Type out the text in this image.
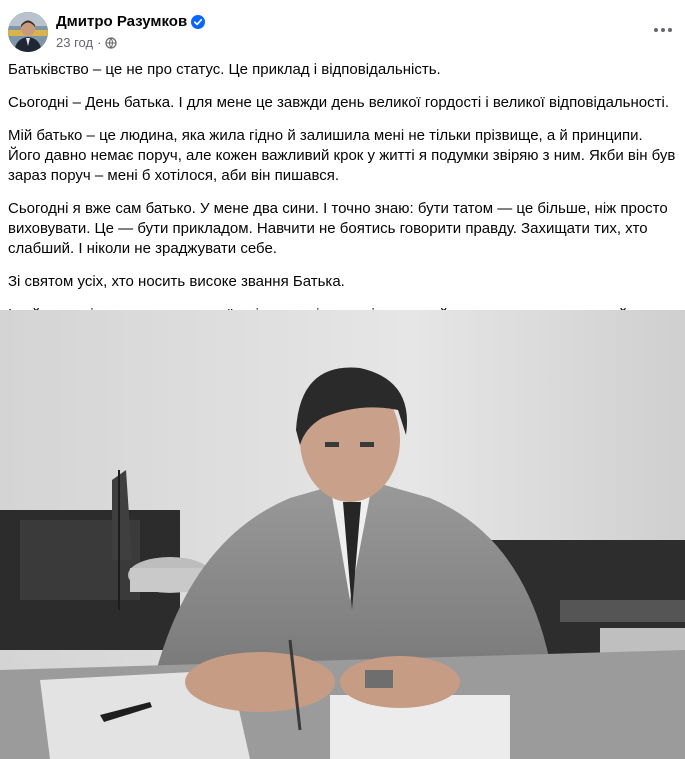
Дмитро Разумков
23 год ·

Батьківство – це не про статус. Це приклад і відповідальність.

Сьогодні – День батька. І для мене це завжди день великої гордості і великої відповідальності.

Мій батько – це людина, яка жила гідно й залишила мені не тільки прізвище, а й принципи. Його давно немає поруч, але кожен важливий крок у житті я подумки звіряю з ним. Якби він був зараз поруч – мені б хотілося, аби він пишався.

Сьогодні я вже сам батько. У мене два сини. І точно знаю: бути татом — це більше, ніж просто виховувати. Це — бути прикладом. Навчити не боятись говорити правду. Захищати тих, хто слабший. І ніколи не зраджувати себе.

Зі святом усіх, хто носить високе звання Батька.
